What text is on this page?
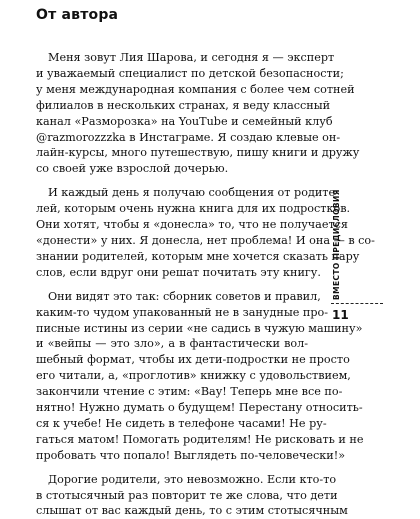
От автора

Меня зовут Лия Шарова, и сегодня я — эксперт
и уважаемый специалист по детской безопасности;
у меня международная компания с более чем сотней
филиалов в нескольких странах, я веду классный
канал «Разморозка» на YouTube и семейный клуб
@razmorozzzka в Инстаграме. Я создаю клевые он-
лайн-курсы, много путешествую, пишу книги и дружу
со своей уже взрослой дочерью.

И каждый день я получаю сообщения от родите-
лей, которым очень нужна книга для их подростков.
Они хотят, чтобы я «донесла» то, что не получается
«донести» у них. Я донесла, нет проблема! И она — в со-
знании родителей, которым мне хочется сказать пару
слов, если вдруг они решат почитать эту книгу.

Они видят это так: сборник советов и правил,
каким-то чудом упакованный не в занудные про-
писные истины из серии «не садись в чужую машину»
и «вейпы — это зло», а в фантастически вол-
шебный формат, чтобы их дети-подростки не просто
его читали, а, «проглотив» книжку с удовольствием,
закончили чтение с этим: «Вау! Теперь мне все по-
нятно! Нужно думать о будущем! Перестану отноcить-
ся к учебе! Не сидеть в телефоне часами! Не ру-
гаться матом! Помогать родителям! Не рисковать и не
пробовать что попало! Выглядеть по-человечески!»

Дорогие родители, это невозможно. Если кто-то
в стотысячный раз повторит те же слова, что дети
слышат от вас каждый день, то с этим стотысячным

ВМЕСТО ПРЕДИСЛОВИЯ
11
